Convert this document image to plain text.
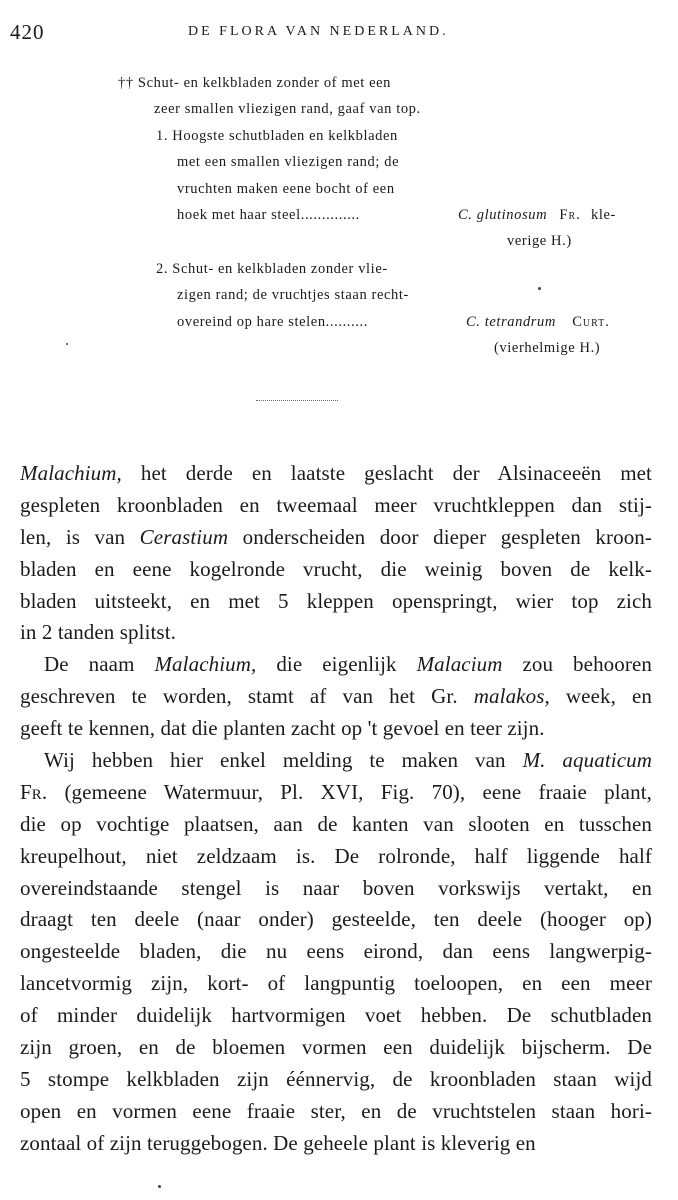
420	DE FLORA VAN NEDERLAND.
†† Schut- en kelkbladen zonder of met een
zeer smallen vliezigen rand, gaaf van top.
1. Hoogste schutbladen en kelkbladen
met een smallen vliezigen rand; de
vruchten maken eene bocht of een
hoek met haar steel..............	C. glutinosum Fr. kle-
verige H.)
2. Schut- en kelkbladen zonder vlie-
zigen rand; de vruchtjes staan recht-
overeind op hare stelen..........	C. tetrandrum Curt.
(vierhelmige H.)
Malachium, het derde en laatste geslacht der Alsinaceeën met
gespleten kroonbladen en tweemaal meer vruchtkleppen dan stij-
len, is van Cerastium onderscheiden door dieper gespleten kroon-
bladen en eene kogelronde vrucht, die weinig boven de kelk-
bladen uitsteekt, en met 5 kleppen openspringt, wier top zich
in 2 tanden splitst.
De naam Malachium, die eigenlijk Malacium zou behooren
geschreven te worden, stamt af van het Gr. malakos, week, en
geeft te kennen, dat die planten zacht op 't gevoel en teer zijn.
Wij hebben hier enkel melding te maken van M. aquaticum
Fr. (gemeene Watermuur, Pl. XVI, Fig. 70), eene fraaie plant,
die op vochtige plaatsen, aan de kanten van slooten en tusschen
kreupelhout, niet zeldzaam is. De rolronde, half liggende half
overeindstaande stengel is naar boven vorkswijs vertakt, en
draagt ten deele (naar onder) gesteelde, ten deele (hooger op)
ongesteelde bladen, die nu eens eirond, dan eens langwerpig-
lancetvormig zijn, kort- of langpuntig toeloopen, en een meer
of minder duidelijk hartvormigen voet hebben. De schutbladen
zijn groen, en de bloemen vormen een duidelijk bijscherm. De
5 stompe kelkbladen zijn éénnervig, de kroonbladen staan wijd
open en vormen eene fraaie ster, en de vruchtstelen staan hori-
zontaal of zijn teruggebogen. De geheele plant is kleverig en
